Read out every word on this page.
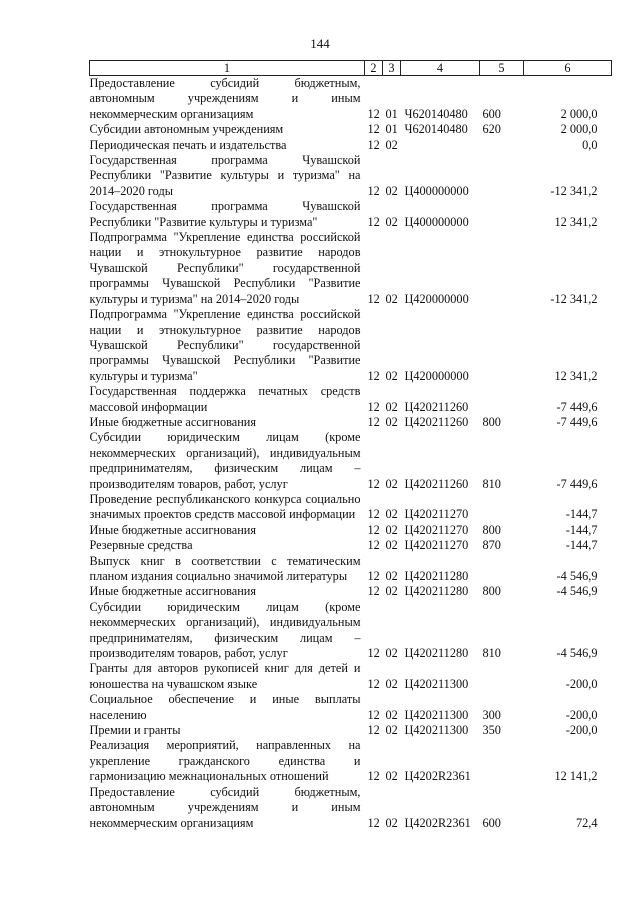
144
1	2	3	4	5	6
Предоставление субсидий бюджетным, автономным учреждениям и иным некоммерческим организациям	12	01	Ч620140480	600	2 000,0
Субсидии автономным учреждениям	12	01	Ч620140480	620	2 000,0
Периодическая печать и издательства	12	02			0,0
Государственная программа Чувашской Республики "Развитие культуры и туризма" на 2014–2020 годы	12	02	Ц400000000		-12 341,2
Государственная программа Чувашской Республики "Развитие культуры и туризма"	12	02	Ц400000000		12 341,2
Подпрограмма "Укрепление единства российской нации и этнокультурное развитие народов Чувашской Республики" государственной программы Чувашской Республики "Развитие культуры и туризма" на 2014–2020 годы	12	02	Ц420000000		-12 341,2
Подпрограмма "Укрепление единства российской нации и этнокультурное развитие народов Чувашской Республики" государственной программы Чувашской Республики "Развитие культуры и туризма"	12	02	Ц420000000		12 341,2
Государственная поддержка печатных средств массовой информации	12	02	Ц420211260		-7 449,6
Иные бюджетные ассигнования	12	02	Ц420211260	800	-7 449,6
Субсидии юридическим лицам (кроме некоммерческих организаций), индивидуальным предпринимателям, физическим лицам – производителям товаров, работ, услуг	12	02	Ц420211260	810	-7 449,6
Проведение республиканского конкурса социально значимых проектов средств массовой информации	12	02	Ц420211270		-144,7
Иные бюджетные ассигнования	12	02	Ц420211270	800	-144,7
Резервные средства	12	02	Ц420211270	870	-144,7
Выпуск книг в соответствии с тематическим планом издания социально значимой литературы	12	02	Ц420211280		-4 546,9
Иные бюджетные ассигнования	12	02	Ц420211280	800	-4 546,9
Субсидии юридическим лицам (кроме некоммерческих организаций), индивидуальным предпринимателям, физическим лицам – производителям товаров, работ, услуг	12	02	Ц420211280	810	-4 546,9
Гранты для авторов рукописей книг для детей и юношества на чувашском языке	12	02	Ц420211300		-200,0
Социальное обеспечение и иные выплаты населению	12	02	Ц420211300	300	-200,0
Премии и гранты	12	02	Ц420211300	350	-200,0
Реализация мероприятий, направленных на укрепление гражданского единства и гармонизацию межнациональных отношений	12	02	Ц4202R2361		12 141,2
Предоставление субсидий бюджетным, автономным учреждениям и иным некоммерческим организациям	12	02	Ц4202R2361	600	72,4
